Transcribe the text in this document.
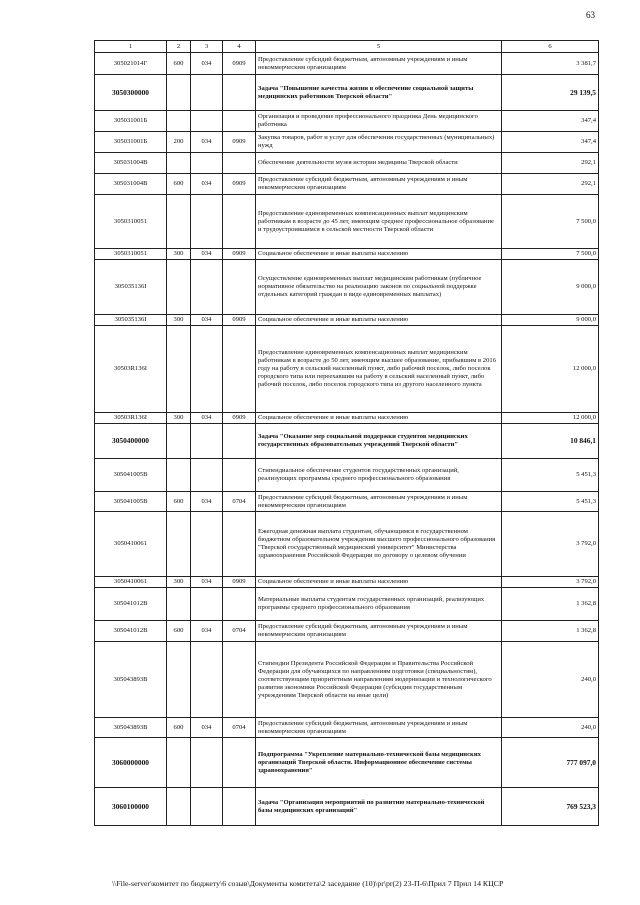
63
1	2	3	4	5	6
305021014Г	600	034	0909	Предоставление субсидий бюджетным, автономным учреждениям и иным некоммерческим организациям	3 381,7
3050300000				Задача "Повышение качества жизни в обеспечение социальной защиты медицинских работников Тверской области"	29 139,5
305031001Б				Организация и проведение профессионального праздника День медицинского работника	347,4
305031001Б	200	034	0909	Закупка товаров, работ и услуг для обеспечения государственных (муниципальных) нужд	347,4
305031004В				Обеспечение деятельности музея истории медицины Тверской области	292,1
305031004В	600	034	0909	Предоставление субсидий бюджетным, автономным учреждениям и иным некоммерческим организациям	292,1
3050310051				Предоставление единовременных компенсационных выплат медицинским работникам в возрасте до 45 лет, имеющим среднее профессиональное образование и трудоустроившимся в сельской местности Тверской области	7 500,0
3050310051	300	034	0909	Социальное обеспечение и иные выплаты населению	7 500,0
305035136I				Осуществление единовременных выплат медицинским работникам (публичное нормативное обязательство на реализацию законов по социальной поддержке отдельных категорий граждан в виде единовременных выплатах)	9 000,0
305035136I	300	034	0909	Социальное обеспечение и иные выплаты населению	9 000,0
30503R136I				Предоставление единовременных компенсационных выплат медицинским работникам в возрасте до 50 лет, имеющим высшее образование, прибывшим в 2016 году на работу в сельский населенный пункт, либо рабочий поселок, либо поселок городского типа или переехавшим на работу в сельский населенный пункт, либо рабочий поселок, либо поселок городского типа из другого населенного пункта	12 000,0
30503R136I	300	034	0909	Социальное обеспечение и иные выплаты населению	12 000,0
3050400000				Задача "Оказание мер социальной поддержки студентов медицинских государственных образовательных учреждений Тверской области"	10 846,1
305041005В				Стипендиальное обеспечение студентов государственных организаций, реализующих программы среднего профессионального образования	5 451,3
305041005В	600	034	0704	Предоставление субсидий бюджетным, автономным учреждениям и иным некоммерческим организациям	5 451,3
3050410061				Ежегодная денежная выплата студентам, обучающимся в государственном бюджетном образовательном учреждении высшего профессионального образования "Тверской государственный медицинский университет" Министерства здравоохранения Российской Федерации по договору о целевом обучении	3 792,0
3050410061	300	034	0909	Социальное обеспечение и иные выплаты населению	3 792,0
305041012В				Материальные выплаты студентам государственных организаций, реализующих программы среднего профессионального образования	1 362,8
305041012В	600	034	0704	Предоставление субсидий бюджетным, автономным учреждениям и иным некоммерческим организациям	1 362,8
305043893В				Стипендии Президента Российской Федерации и Правительства Российской Федерации для обучающихся по направлениям подготовки (специальностям), соответствующим приоритетным направлениям модернизации и технологического развития экономики Российской Федерации (субсидии государственным учреждениям Тверской области на иные цели)	240,0
305043893В	600	034	0704	Предоставление субсидий бюджетным, автономным учреждениям и иным некоммерческим организациям	240,0
3060000000				Подпрограмма "Укрепление материально-технической базы медицинских организаций Тверской области. Информационное обеспечение системы здравоохранения"	777 097,0
3060100000				Задача "Организация мероприятий по развитию материально-технической базы медицинских организаций"	769 523,3
\\File-server\комитет по бюджету\6 созыв\Документы комитета\2 заседание (10)\pr\pr(2) 23-П-6\Прил 7 Прил 14 КЦСР
